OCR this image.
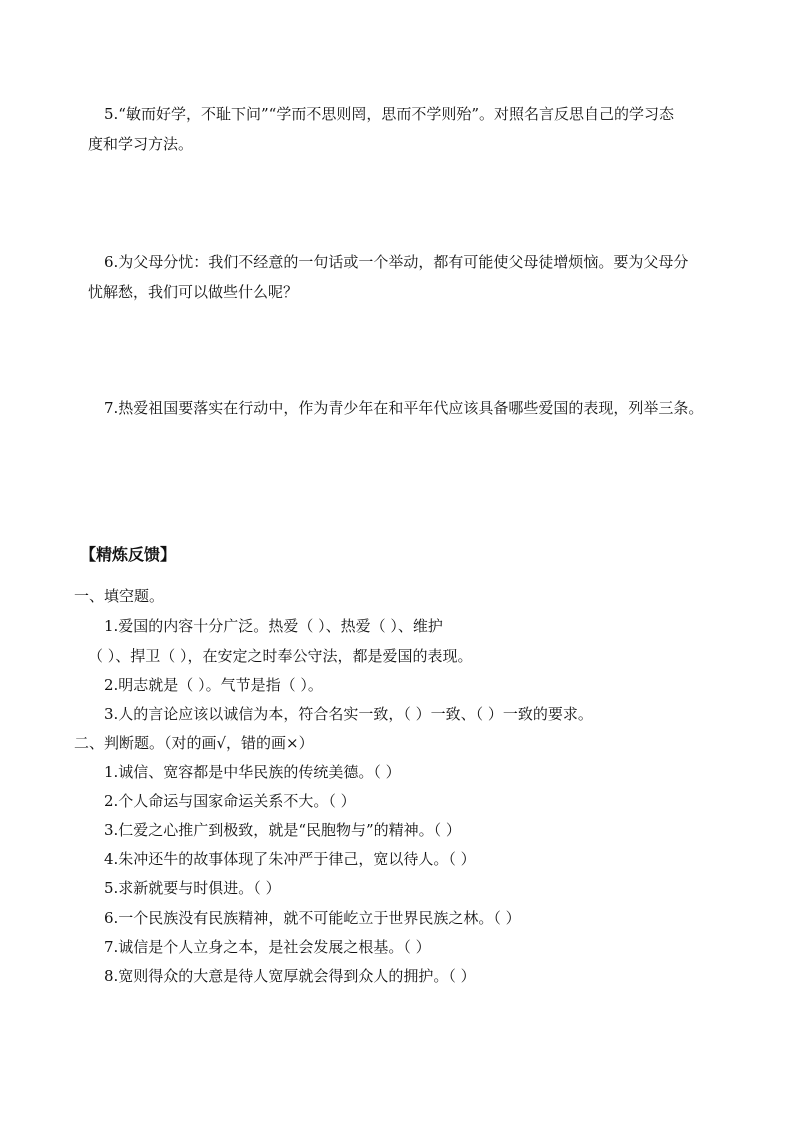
5.“敏而好学，不耻下问”“学而不思则罔，思而不学则殆”。对照名言反思自己的学习态
度和学习方法。
6.为父母分忧：我们不经意的一句话或一个举动，都有可能使父母徒增烦恼。要为父母分
忧解愁，我们可以做些什么呢？
7.热爱祖国要落实在行动中，作为青少年在和平年代应该具备哪些爱国的表现，列举三条。
【精炼反馈】
一、填空题。
1.爱国的内容十分广泛。热爱（ ）、热爱（ ）、维护
（ ）、捍卫（ ），在安定之时奉公守法，都是爱国的表现。
2.明志就是（ ）。气节是指（ ）。
3.人的言论应该以诚信为本，符合名实一致，（ ）一致、（ ）一致的要求。
二、判断题。（对的画√，错的画×）
1.诚信、宽容都是中华民族的传统美德。（ ）
2.个人命运与国家命运关系不大。（ ）
3.仁爱之心推广到极致，就是“民胞物与”的精神。（ ）
4.朱冲还牛的故事体现了朱冲严于律己，宽以待人。（ ）
5.求新就要与时俱进。（ ）
6.一个民族没有民族精神，就不可能屹立于世界民族之林。（ ）
7.诚信是个人立身之本，是社会发展之根基。（ ）
8.宽则得众的大意是待人宽厚就会得到众人的拥护。（ ）
